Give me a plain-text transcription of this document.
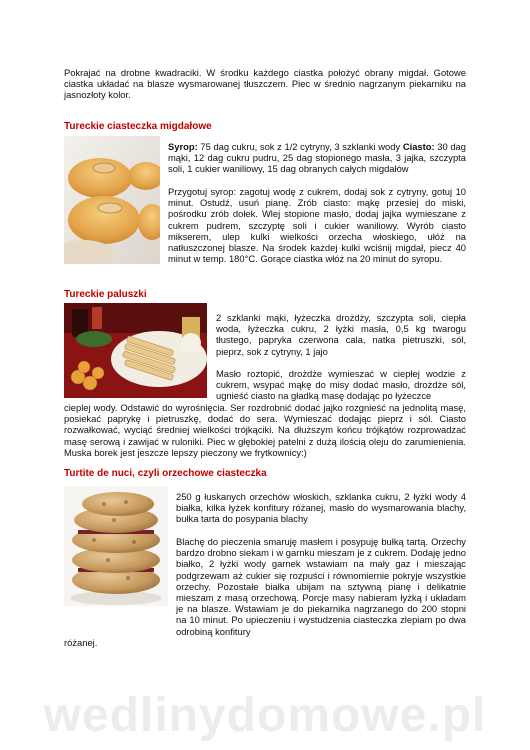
Pokrajać na drobne kwadraciki. W środku każdego ciastka położyć obrany migdał. Gotowe ciastka układać na blasze wysmarowanej tłuszczem. Piec w średnio nagrzanym piekarniku na jasnozłoty kolor.

Tureckie ciasteczka migdałowe

Syrop: 75 dag cukru, sok z 1/2 cytryny, 3 szklanki wody Ciasto: 30 dag mąki, 12 dag cukru pudru, 25 dag stopionego masła, 3 jajka, szczypta soli, 1 cukier waniliowy, 15 dag obranych całych migdałów

Przygotuj syrop: zagotuj wodę z cukrem, dodaj sok z cytryny, gotuj 10 minut. Ostudź, usuń pianę. Zrób ciasto: mąkę przesiej do miski, pośrodku zrób dołek. Wlej stopione masło, dodaj jajka wymieszane z cukrem pudrem, szczyptę soli i cukier waniliowy. Wyrób ciasto mikserem, ulep kulki wielkości orzecha włoskiego, ułóż na natłuszczonej blasze. Na środek każdej kulki wciśnij migdał, piecz 40 minut w temp. 180°C. Gorące ciastka włóż na 20 minut do syropu.

Tureckie paluszki

2 szklanki mąki, łyżeczka drożdży, szczypta soli, ciepła woda, łyżeczka cukru, 2 łyżki masła, 0,5 kg twarogu tłustego, papryka czerwona cala, natka pietruszki, sól, pieprz, sok z cytryny, 1 jajo

Masło roztopić, drożdże wymieszać w ciepłej wodzie z cukrem, wsypać mąkę do misy dodać masło, drożdże sól, ugnieść ciasto na gładką masę dodając po łyżeczce

cieplej wody. Odstawić do wyrośnięcia. Ser rozdrobnić dodać jajko rozgnieść na jednolitą masę, posiekać paprykę i pietruszkę, dodać do sera. Wymieszać dodając pieprz i sól. Ciasto rozwałkować, wyciąć średniej wielkości trójkąciki. Na dłuższym końcu trójkątów rozprowadzać masę serową i zawijać w ruloniki. Piec w głębokiej patelni z dużą ilością oleju do zarumienienia. Muska borek jest jeszcze lepszy pieczony we frytkownicy:)

Turtite de nuci, czyli orzechowe ciasteczka

250 g łuskanych orzechów włoskich, szklanka cukru, 2 łyżki wody 4 białka, kilka łyżek konfitury różanej, masło do wysmarowania blachy, bułka tarta do posypania blachy

Blachę do pieczenia smaruję masłem i posypuję bułką tartą. Orzechy bardzo drobno siekam i w garnku mieszam je z cukrem. Dodaję jedno białko, 2 łyżki wody garnek wstawiam na mały gaz i mieszając podgrzewam aż cukier się rozpuści i równomiernie pokryje wszystkie orzechy. Pozostałe białka ubijam na sztywną pianę i delikatnie mieszam z masą orzechową. Porcje masy nabieram łyżką i układam je na blasze. Wstawiam je do piekarnika nagrzanego do 200 stopni na 10 minut. Po upieczeniu i wystudzenia ciasteczka zlepiam po dwa odrobiną konfitury

różanej.

wedlinydomowe.pl
